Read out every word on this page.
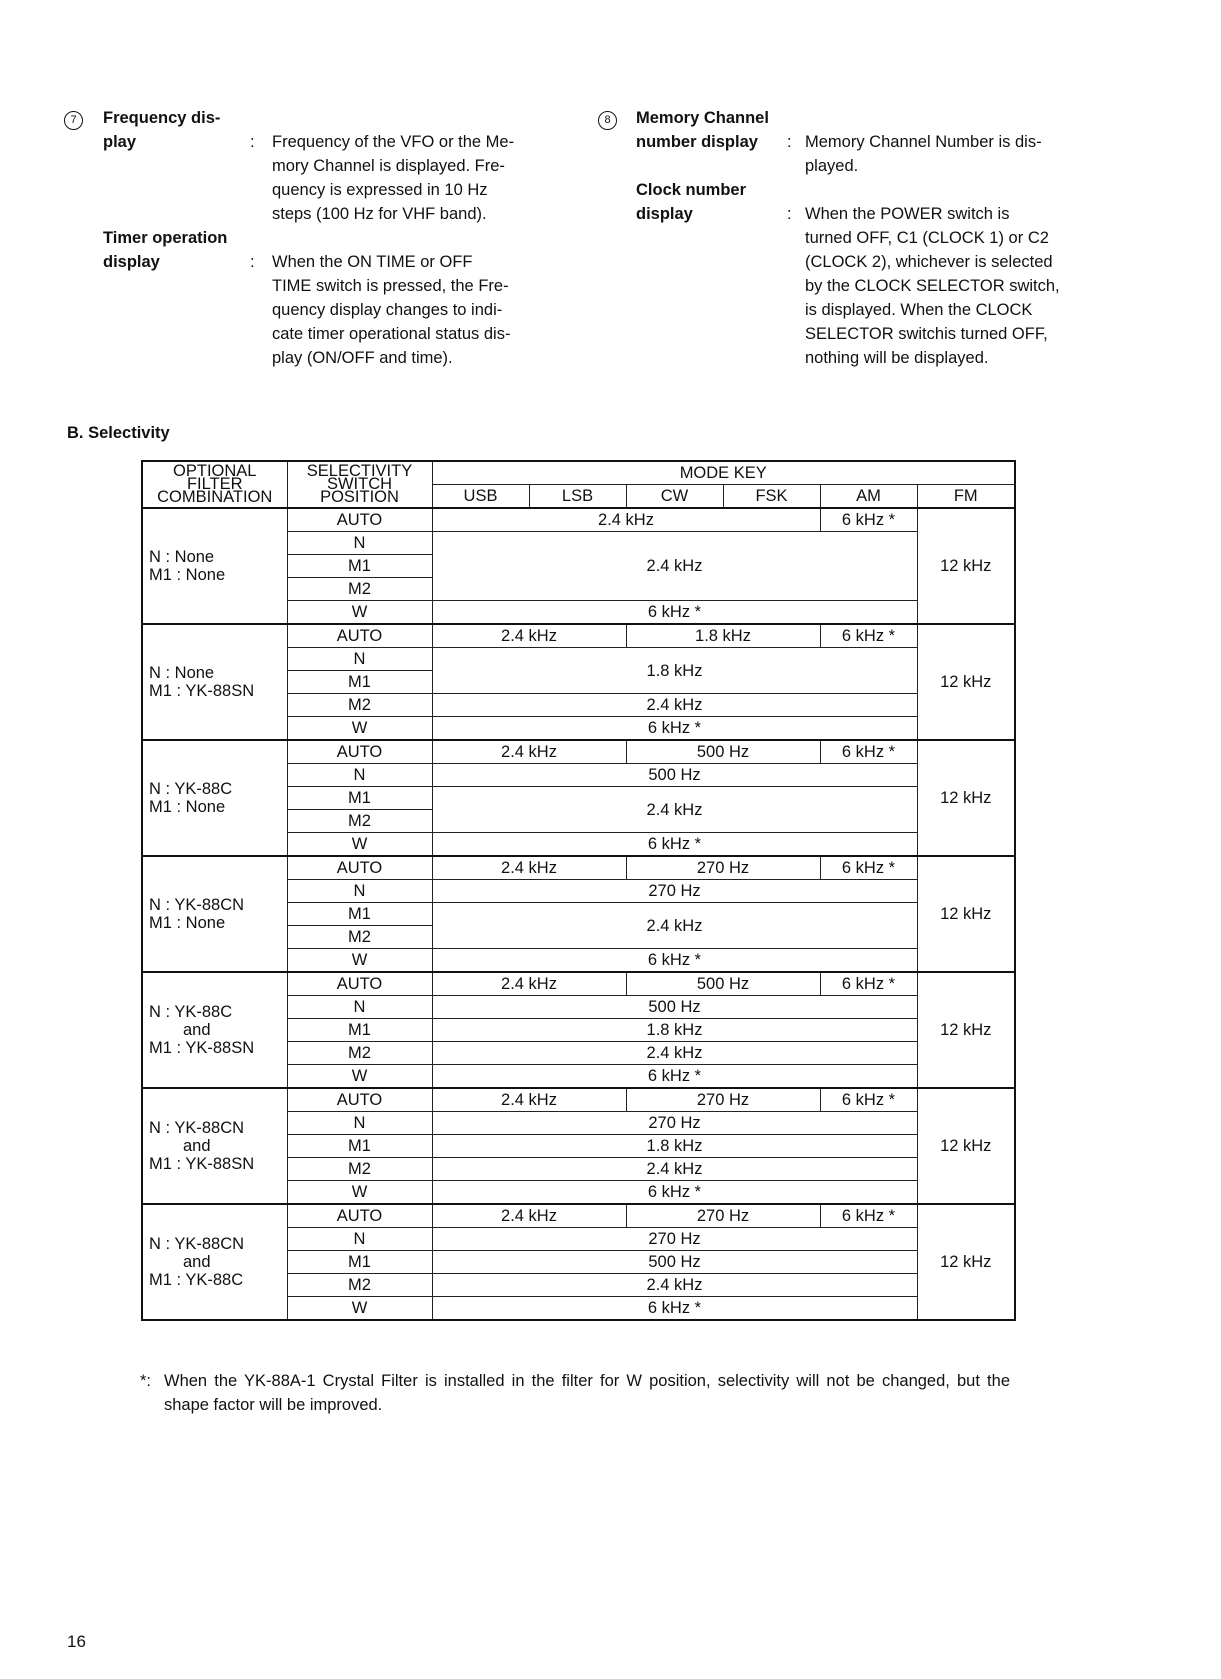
7	Frequency dis-
play	: Frequency of the VFO or the Me-
mory Channel is displayed. Fre-
quency is expressed in 10 Hz
steps (100 Hz for VHF band).
Timer operation
display	: When the ON TIME or OFF
TIME switch is pressed, the Fre-
quency display changes to indi-
cate timer operational status dis-
play (ON/OFF and time).
8	Memory Channel
number display	: Memory Channel Number is dis-
played.
Clock number
display	: When the POWER switch is
turned OFF, C1 (CLOCK 1) or C2
(CLOCK 2), whichever is selected
by the CLOCK SELECTOR switch,
is displayed. When the CLOCK
SELECTOR switchis turned OFF,
nothing will be displayed.
B. Selectivity
OPTIONAL
FILTER
COMBINATION	SELECTIVITY
SWITCH
POSITION	MODE KEY					
		USB	LSB	CW	FSK	AM	FM

N : None
M1 : None	AUTO	2.4 kHz				6 kHz *	12 kHz
	N	2.4 kHz					
	M1						
	M2						
	W	6 kHz *					

N : None
M1 : YK-88SN	AUTO	2.4 kHz		1.8 kHz		6 kHz *	12 kHz
	N	1.8 kHz					
	M1						
	M2	2.4 kHz					
	W	6 kHz *					

N : YK-88C
M1 : None	AUTO	2.4 kHz		500 Hz		6 kHz *	12 kHz
	N	500 Hz					
	M1	2.4 kHz					
	M2						
	W	6 kHz *					

N : YK-88CN
M1 : None	AUTO	2.4 kHz		270 Hz		6 kHz *	12 kHz
	N	270 Hz					
	M1	2.4 kHz					
	M2						
	W	6 kHz *					

N : YK-88C
and
M1 : YK-88SN	AUTO	2.4 kHz		500 Hz		6 kHz *	12 kHz
	N	500 Hz					
	M1	1.8 kHz					
	M2	2.4 kHz					
	W	6 kHz *					

N : YK-88CN
and
M1 : YK-88SN	AUTO	2.4 kHz		270 Hz		6 kHz *	12 kHz
	N	270 Hz					
	M1	1.8 kHz					
	M2	2.4 kHz					
	W	6 kHz *					

N : YK-88CN
and
M1 : YK-88C	AUTO	2.4 kHz		270 Hz		6 kHz *	12 kHz
	N	270 Hz					
	M1	500 Hz					
	M2	2.4 kHz					
	W	6 kHz *					
*: When the YK-88A-1 Crystal Filter is installed in the filter for W position, selectivity will not be changed, but the shape factor will be improved.
16
